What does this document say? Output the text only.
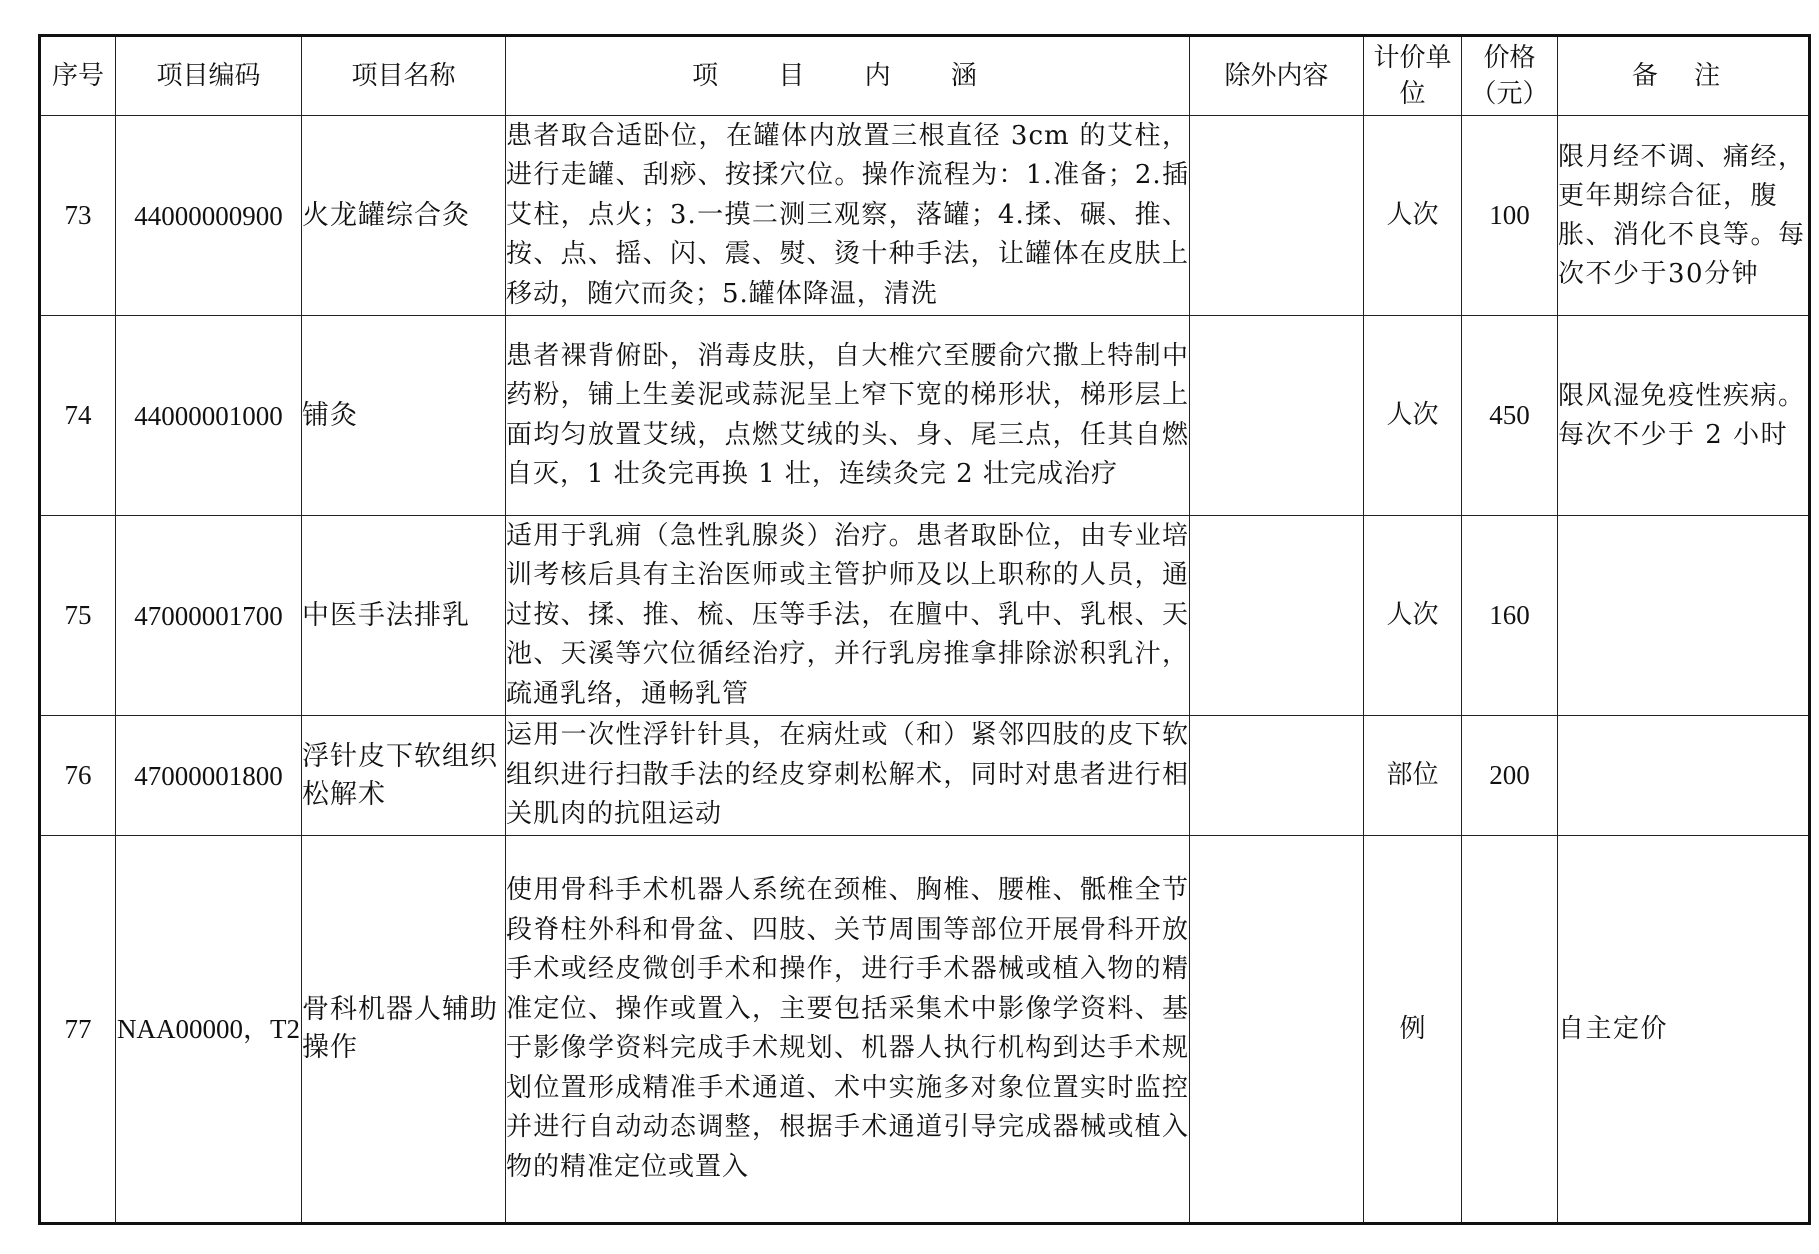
序号	项目编码	项目名称	项 目 内 涵	除外内容	计价单位	价格（元）	备 注
73	44000000900	火龙罐综合灸	患者取合适卧位，在罐体内放置三根直径 3cm 的艾柱，进行走罐、刮痧、按揉穴位。操作流程为：1.准备；2.插艾柱，点火；3.一摸二测三观察，落罐；4.揉、碾、推、按、点、摇、闪、震、熨、烫十种手法，让罐体在皮肤上移动，随穴而灸；5.罐体降温，清洗		人次	100	限月经不调、痛经，更年期综合征，腹胀、消化不良等。每次不少于30分钟
74	44000001000	铺灸	患者裸背俯卧，消毒皮肤，自大椎穴至腰俞穴撒上特制中药粉，铺上生姜泥或蒜泥呈上窄下宽的梯形状，梯形层上面均匀放置艾绒，点燃艾绒的头、身、尾三点，任其自燃自灭，1 壮灸完再换 1 壮，连续灸完 2 壮完成治疗		人次	450	限风湿免疫性疾病。每次不少于 2 小时
75	47000001700	中医手法排乳	适用于乳痈（急性乳腺炎）治疗。患者取卧位，由专业培训考核后具有主治医师或主管护师及以上职称的人员，通过按、揉、推、梳、压等手法，在膻中、乳中、乳根、天池、天溪等穴位循经治疗，并行乳房推拿排除淤积乳汁，疏通乳络，通畅乳管		人次	160	
76	47000001800	浮针皮下软组织松解术	运用一次性浮针针具，在病灶或（和）紧邻四肢的皮下软组织进行扫散手法的经皮穿刺松解术，同时对患者进行相关肌肉的抗阻运动		部位	200	
77	NAA00000，T2	骨科机器人辅助操作	使用骨科手术机器人系统在颈椎、胸椎、腰椎、骶椎全节段脊柱外科和骨盆、四肢、关节周围等部位开展骨科开放手术或经皮微创手术和操作，进行手术器械或植入物的精准定位、操作或置入，主要包括采集术中影像学资料、基于影像学资料完成手术规划、机器人执行机构到达手术规划位置形成精准手术通道、术中实施多对象位置实时监控并进行自动动态调整，根据手术通道引导完成器械或植入物的精准定位或置入		例		自主定价
